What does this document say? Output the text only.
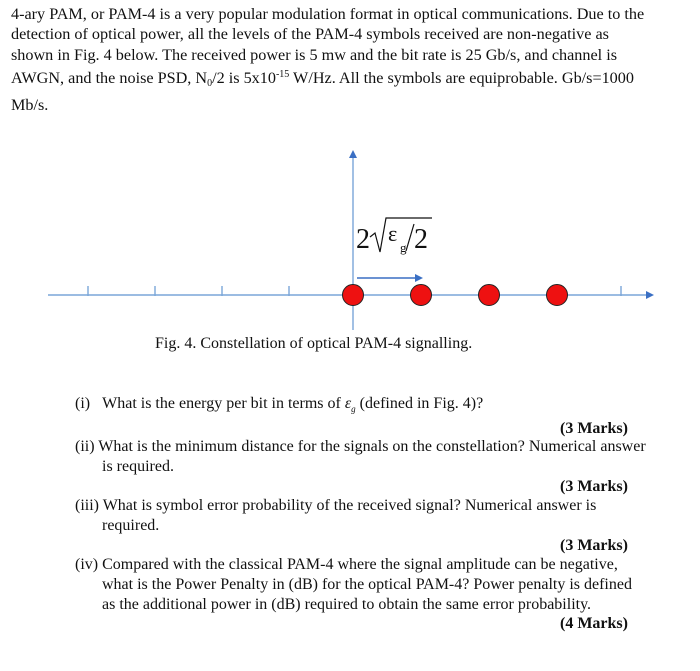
4-ary PAM, or PAM-4 is a very popular modulation format in optical communications. Due to the
detection of optical power, all the levels of the PAM-4 symbols received are non-negative as
shown in Fig. 4 below. The received power is 5 mw and the bit rate is 25 Gb/s, and channel is
AWGN, and the noise PSD, N0/2 is $5x10^{-15}$ W/Hz. All the symbols are equiprobable. Gb/s=1000
Mb/s.
2 ε
g 2
Fig. 4. Constellation of optical PAM-4 signalling.
(i) What is the energy per bit in terms of $\varepsilon_g$ (defined in Fig. 4)?
(3 Marks)
(ii) What is the minimum distance for the signals on the constellation? Numerical answer
is required.
(3 Marks)
(iii) What is symbol error probability of the received signal? Numerical answer is
required.
(3 Marks)
(iv) Compared with the classical PAM-4 where the signal amplitude can be negative,
what is the Power Penalty in (dB) for the optical PAM-4? Power penalty is defined
as the additional power in (dB) required to obtain the same error probability.
(4 Marks)
